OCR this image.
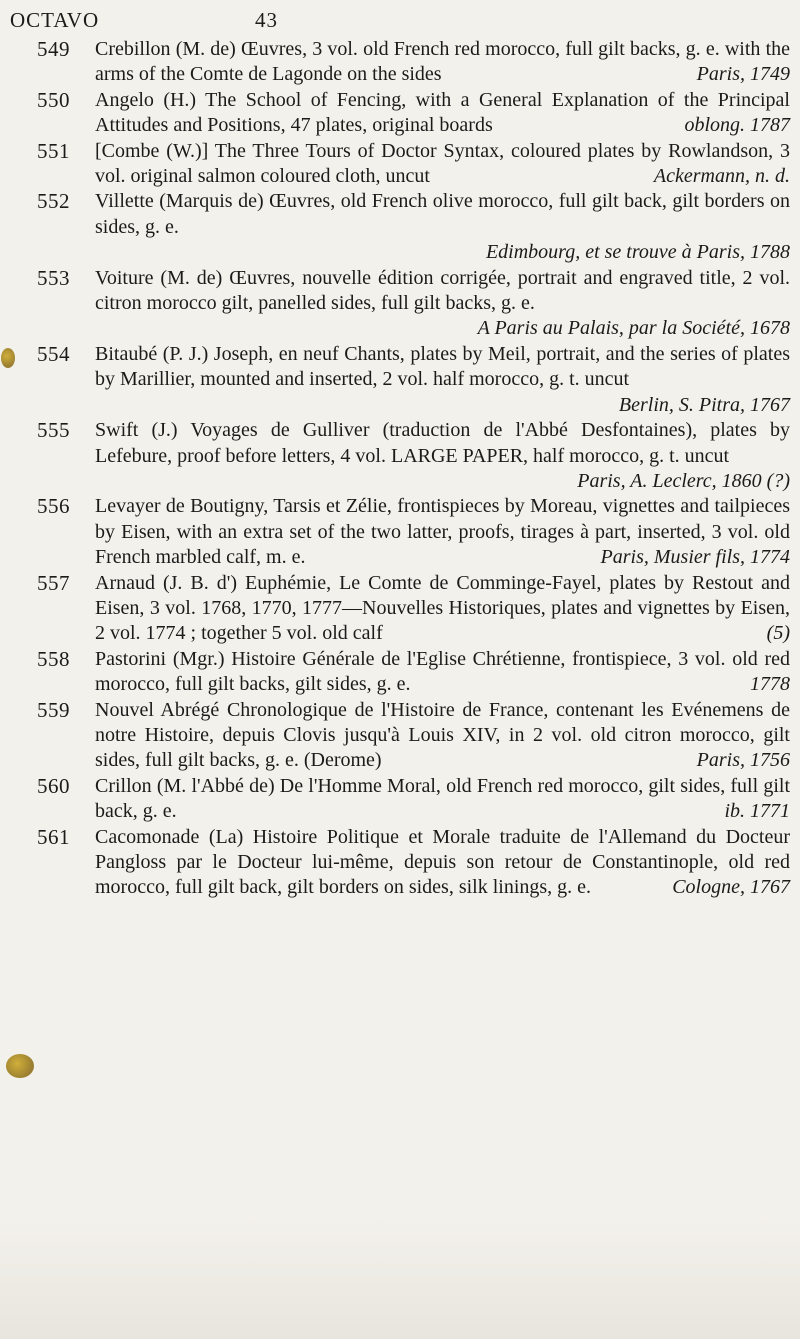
OCTAVO	43
549 Crebillon (M. de) Œuvres, 3 vol. old French red morocco, full gilt backs, g. e. with the arms of the Comte de Lagonde on the sides	Paris, 1749
550 Angelo (H.) The School of Fencing, with a General Explanation of the Principal Attitudes and Positions, 47 plates, original boards	oblong. 1787
551 [Combe (W.)] The Three Tours of Doctor Syntax, coloured plates by Rowlandson, 3 vol. original salmon coloured cloth, uncut	Ackermann, n. d.
552 Villette (Marquis de) Œuvres, old French olive morocco, full gilt back, gilt borders on sides, g. e.
Edimbourg, et se trouve à Paris, 1788
553 Voiture (M. de) Œuvres, nouvelle édition corrigée, portrait and engraved title, 2 vol. citron morocco gilt, panelled sides, full gilt backs, g. e.
A Paris au Palais, par la Société, 1678
554 Bitaubé (P. J.) Joseph, en neuf Chants, plates by Meil, portrait, and the series of plates by Marillier, mounted and inserted, 2 vol. half morocco, g. t. uncut
Berlin, S. Pitra, 1767
555 Swift (J.) Voyages de Gulliver (traduction de l'Abbé Desfontaines), plates by Lefebure, proof before letters, 4 vol. LARGE PAPER, half morocco, g. t. uncut
Paris, A. Leclerc, 1860 (?)
556 Levayer de Boutigny, Tarsis et Zélie, frontispieces by Moreau, vignettes and tailpieces by Eisen, with an extra set of the two latter, proofs, tirages à part, inserted, 3 vol. old French marbled calf, m. e.	Paris, Musier fils, 1774
557 Arnaud (J. B. d') Euphémie, Le Comte de Comminge-Fayel, plates by Restout and Eisen, 3 vol. 1768, 1770, 1777—Nouvelles Historiques, plates and vignettes by Eisen, 2 vol. 1774 ; together 5 vol. old calf	(5)
558 Pastorini (Mgr.) Histoire Générale de l'Eglise Chrétienne, frontispiece, 3 vol. old red morocco, full gilt backs, gilt sides, g. e.	1778
559 Nouvel Abrégé Chronologique de l'Histoire de France, contenant les Evénemens de notre Histoire, depuis Clovis jusqu'à Louis XIV, in 2 vol. old citron morocco, gilt sides, full gilt backs, g. e. (Derome)	Paris, 1756
560 Crillon (M. l'Abbé de) De l'Homme Moral, old French red morocco, gilt sides, full gilt back, g. e.	ib. 1771
561 Cacomonade (La) Histoire Politique et Morale traduite de l'Allemand du Docteur Pangloss par le Docteur lui-même, depuis son retour de Constantinople, old red morocco, full gilt back, gilt borders on sides, silk linings, g. e.	Cologne, 1767
